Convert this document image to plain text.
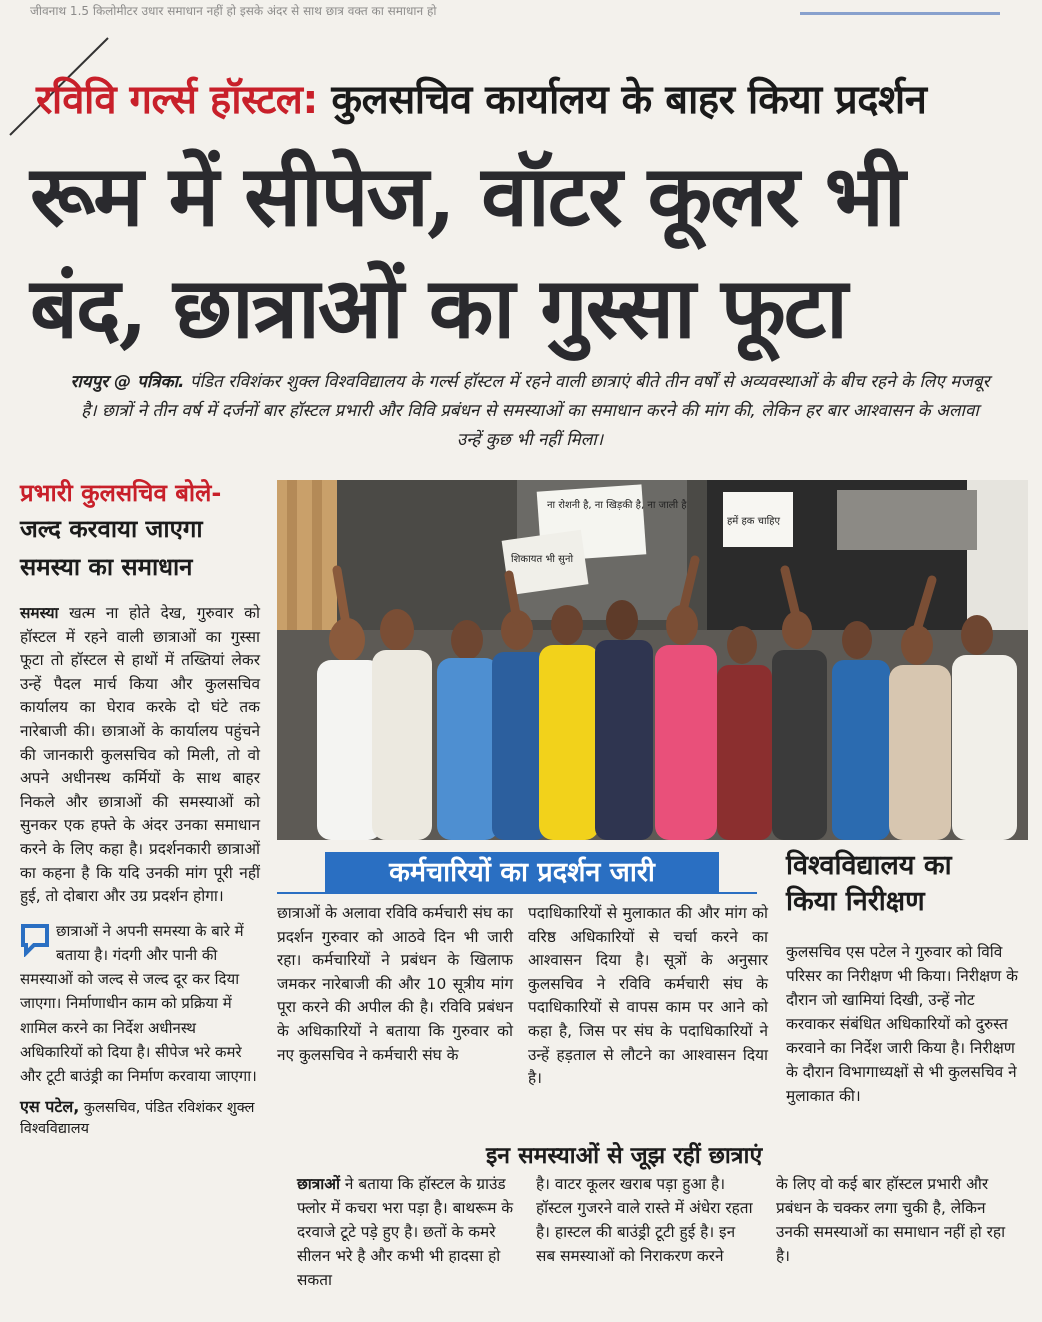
जीवनाथ 1.5 किलोमीटर उधार समाधान नहीं हो इसके अंदर से साथ छात्र वक्त का समाधान हो
रविवि गर्ल्स हॉस्टल: कुलसचिव कार्यालय के बाहर किया प्रदर्शन
रूम में सीपेज, वॉटर कूलर भी
बंद, छात्राओं का गुस्सा फूटा
रायपुर @ पत्रिका. पंडित रविशंकर शुक्ल विश्वविद्यालय के गर्ल्स हॉस्टल में रहने वाली छात्राएं बीते तीन वर्षों से अव्यवस्थाओं के बीच रहने के लिए मजबूर है। छात्रों ने तीन वर्ष में दर्जनों बार हॉस्टल प्रभारी और विवि प्रबंधन से समस्याओं का समाधान करने की मांग की, लेकिन हर बार आश्वासन के अलावा उन्हें कुछ भी नहीं मिला।
प्रभारी कुलसचिव बोले-
जल्द करवाया जाएगा
समस्या का समाधान
समस्या खत्म ना होते देख, गुरुवार को हॉस्टल में रहने वाली छात्राओं का गुस्सा फूटा तो हॉस्टल से हाथों में तख्तियां लेकर उन्हें पैदल मार्च किया और कुलसचिव कार्यालय का घेराव करके दो घंटे तक नारेबाजी की। छात्राओं के कार्यालय पहुंचने की जानकारी कुलसचिव को मिली, तो वो अपने अधीनस्थ कर्मियों के साथ बाहर निकले और छात्राओं की समस्याओं को सुनकर एक हफ्ते के अंदर उनका समाधान करने के लिए कहा है। प्रदर्शनकारी छात्राओं का कहना है कि यदि उनकी मांग पूरी नहीं हुई, तो दोबारा और उग्र प्रदर्शन होगा।
छात्राओं ने अपनी समस्या के बारे में बताया है। गंदगी और पानी की समस्याओं को जल्द से जल्द दूर कर दिया जाएगा। निर्माणाधीन काम को प्रक्रिया में शामिल करने का निर्देश अधीनस्थ अधिकारियों को दिया है। सीपेज भरे कमरे और टूटी बाउंड्री का निर्माण करवाया जाएगा।
एस पटेल, कुलसचिव, पंडित रविशंकर शुक्ल विश्वविद्यालय
ना रोशनी है, ना खिड़की है, ना जाली है
शिकायत भी सुनो
हमें हक चाहिए
कर्मचारियों का प्रदर्शन जारी
छात्राओं के अलावा रविवि कर्मचारी संघ का प्रदर्शन गुरुवार को आठवे दिन भी जारी रहा। कर्मचारियों ने प्रबंधन के खिलाफ जमकर नारेबाजी की और 10 सूत्रीय मांग पूरा करने की अपील की है। रविवि प्रबंधन के अधिकारियों ने बताया कि गुरुवार को नए कुलसचिव ने कर्मचारी संघ के
पदाधिकारियों से मुलाकात की और मांग को वरिष्ठ अधिकारियों से चर्चा करने का आश्वासन दिया है। सूत्रों के अनुसार कुलसचिव ने रविवि कर्मचारी संघ के पदाधिकारियों से वापस काम पर आने को कहा है, जिस पर संघ के पदाधिकारियों ने उन्हें हड़ताल से लौटने का आश्वासन दिया है।
विश्वविद्यालय का
किया निरीक्षण
कुलसचिव एस पटेल ने गुरुवार को विवि परिसर का निरीक्षण भी किया। निरीक्षण के दौरान जो खामियां दिखी, उन्हें नोट करवाकर संबंधित अधिकारियों को दुरुस्त करवाने का निर्देश जारी किया है। निरीक्षण के दौरान विभागाध्यक्षों से भी कुलसचिव ने मुलाकात की।
इन समस्याओं से जूझ रहीं छात्राएं
छात्राओं ने बताया कि हॉस्टल के ग्राउंड फ्लोर में कचरा भरा पड़ा है। बाथरूम के दरवाजे टूटे पड़े हुए है। छतों के कमरे सीलन भरे है और कभी भी हादसा हो सकता
है। वाटर कूलर खराब पड़ा हुआ है। हॉस्टल गुजरने वाले रास्ते में अंधेरा रहता है। हास्टल की बाउंड्री टूटी हुई है। इन सब समस्याओं को निराकरण करने
के लिए वो कई बार हॉस्टल प्रभारी और प्रबंधन के चक्कर लगा चुकी है, लेकिन उनकी समस्याओं का समाधान नहीं हो रहा है।
